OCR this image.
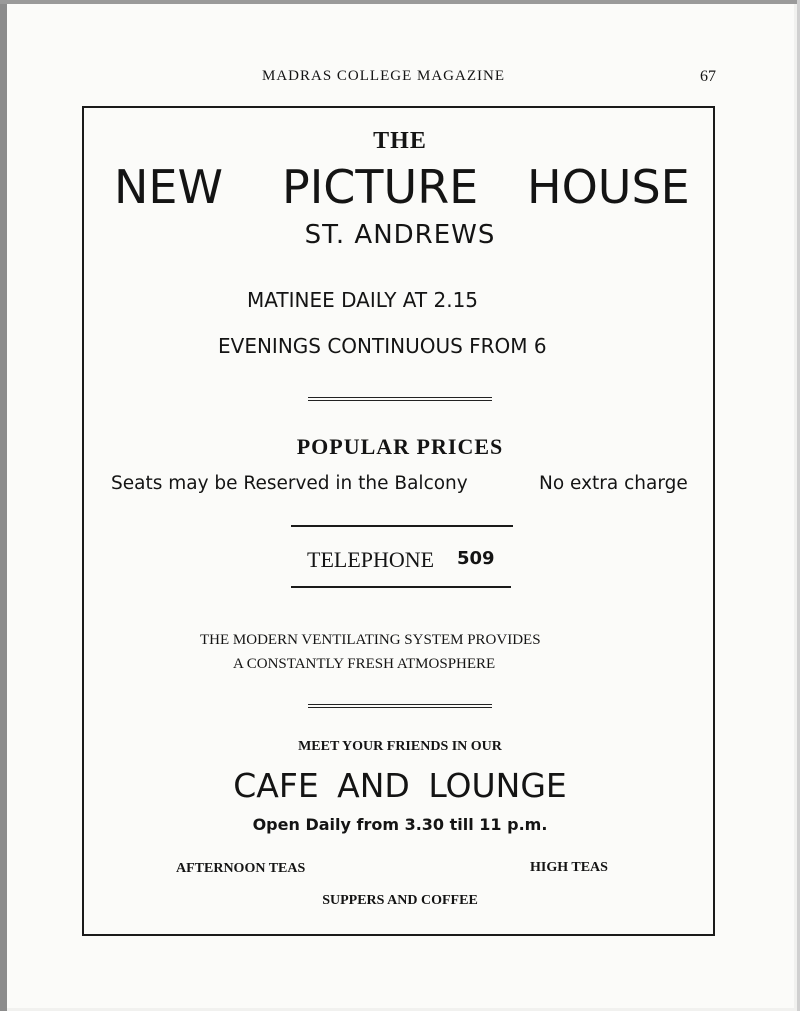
MADRAS COLLEGE MAGAZINE	67
THE
NEW PICTURE HOUSE
ST. ANDREWS
MATINEE DAILY AT 2.15
EVENINGS CONTINUOUS FROM 6
POPULAR PRICES
Seats may be Reserved in the Balcony	No extra charge
TELEPHONE 509
THE MODERN VENTILATING SYSTEM PROVIDES
A CONSTANTLY FRESH ATMOSPHERE
MEET YOUR FRIENDS IN OUR
CAFE AND LOUNGE
Open Daily from 3.30 till 11 p.m.
AFTERNOON TEAS	HIGH TEAS
SUPPERS AND COFFEE
